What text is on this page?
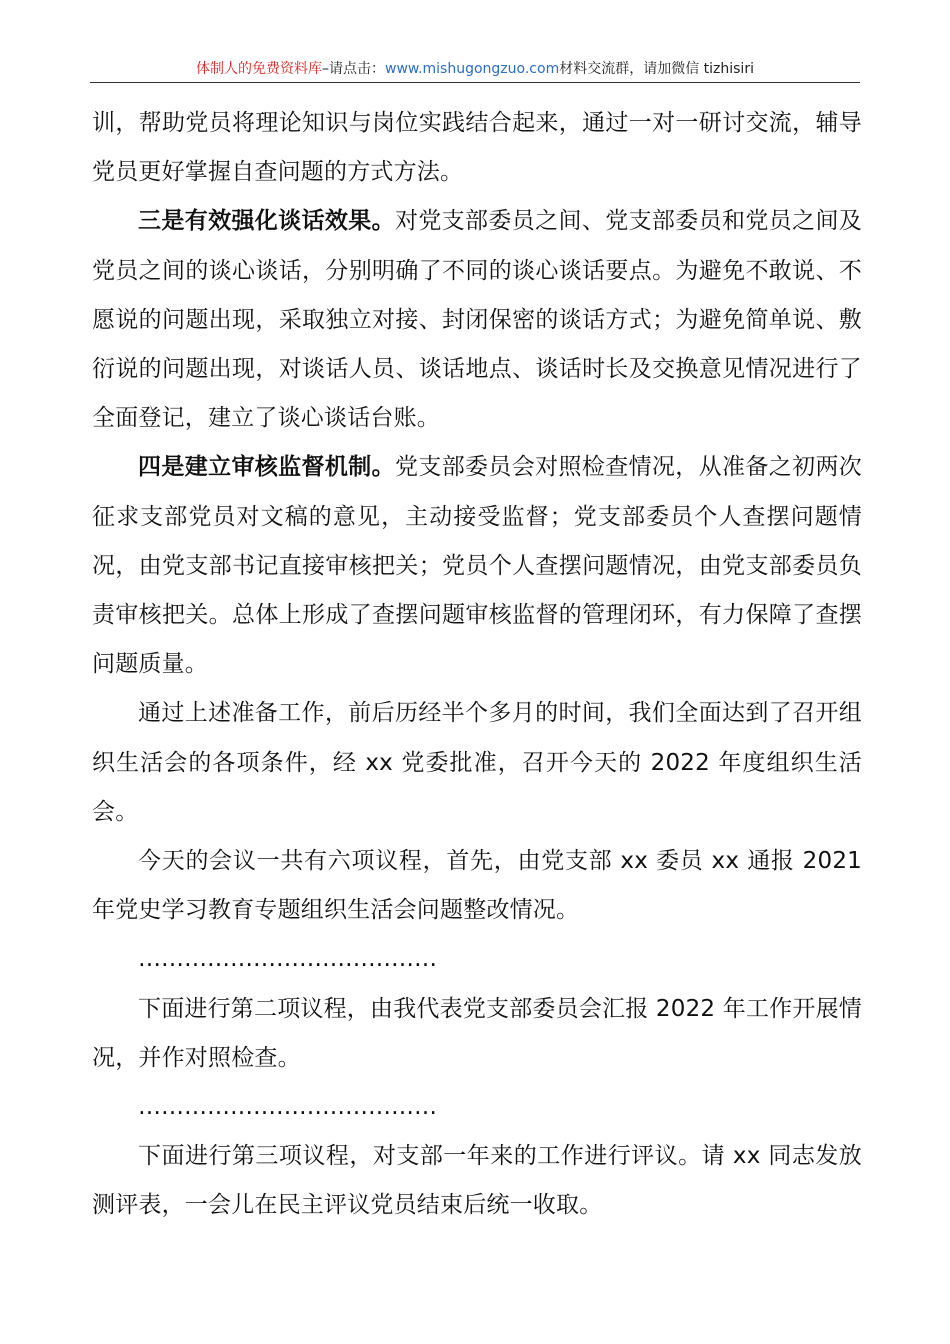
体制人的免费资料库–请点击：www.mishugongzuo.com材料交流群，请加微信 tizhisiri

训，帮助党员将理论知识与岗位实践结合起来，通过一对一研讨交流，辅导党员更好掌握自查问题的方式方法。

三是有效强化谈话效果。对党支部委员之间、党支部委员和党员之间及党员之间的谈心谈话，分别明确了不同的谈心谈话要点。为避免不敢说、不愿说的问题出现，采取独立对接、封闭保密的谈话方式；为避免简单说、敷衍说的问题出现，对谈话人员、谈话地点、谈话时长及交换意见情况进行了全面登记，建立了谈心谈话台账。

四是建立审核监督机制。党支部委员会对照检查情况，从准备之初两次征求支部党员对文稿的意见，主动接受监督；党支部委员个人查摆问题情况，由党支部书记直接审核把关；党员个人查摆问题情况，由党支部委员负责审核把关。总体上形成了查摆问题审核监督的管理闭环，有力保障了查摆问题质量。

通过上述准备工作，前后历经半个多月的时间，我们全面达到了召开组织生活会的各项条件，经 xx 党委批准，召开今天的 2022 年度组织生活会。

今天的会议一共有六项议程，首先，由党支部 xx 委员 xx 通报 2021 年党史学习教育专题组织生活会问题整改情况。

…………………………………

下面进行第二项议程，由我代表党支部委员会汇报 2022 年工作开展情况，并作对照检查。

…………………………………

下面进行第三项议程，对支部一年来的工作进行评议。请 xx 同志发放测评表，一会儿在民主评议党员结束后统一收取。
